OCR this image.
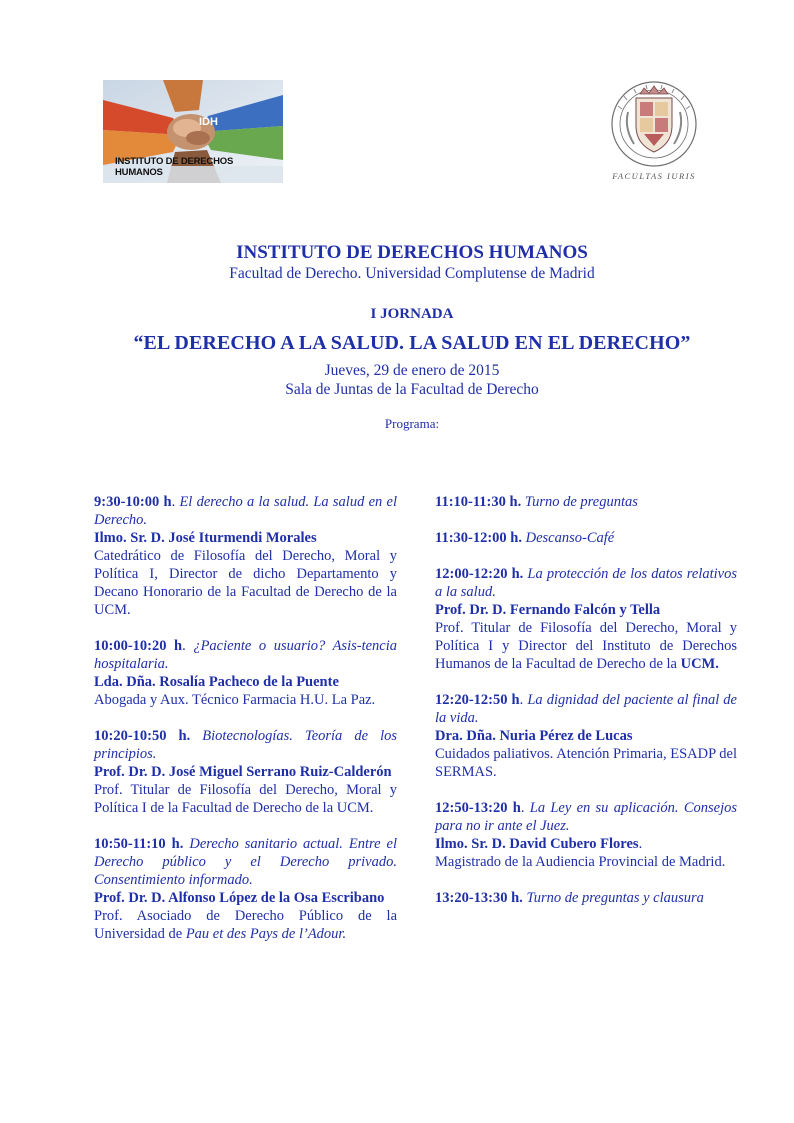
IDH
INSTITUTO DE DERECHOS HUMANOS	FACULTAS IURIS
INSTITUTO DE DERECHOS HUMANOS
Facultad de Derecho. Universidad Complutense de Madrid
I JORNADA
“EL DERECHO A LA SALUD. LA SALUD EN EL DERECHO”
Jueves, 29 de enero de 2015
Sala de Juntas de la Facultad de Derecho
Programa:

9:30-10:00 h. El derecho a la salud. La salud en el Derecho.

Ilmo. Sr. D. José Iturmendi Morales

Catedrático de Filosofía del Derecho, Moral y Política I, Director de dicho Departamento y Decano Honorario de la Facultad de Derecho de la UCM.

10:00-10:20 h. ¿Paciente o usuario? Asis-tencia hospitalaria.

Lda. Dña. Rosalía Pacheco de la Puente

Abogada y Aux. Técnico Farmacia H.U. La Paz.

10:20-10:50 h. Biotecnologías. Teoría de los principios.

Prof. Dr. D. José Miguel Serrano Ruiz-Calderón

Prof. Titular de Filosofía del Derecho, Moral y Política I de la Facultad de Derecho de la UCM.

10:50-11:10 h. Derecho sanitario actual. Entre el Derecho público y el Derecho privado. Consentimiento informado.

Prof. Dr. D. Alfonso López de la Osa Escribano

Prof. Asociado de Derecho Público de la Universidad de Pau et des Pays de l’Adour.

11:10-11:30 h. Turno de preguntas

11:30-12:00 h. Descanso-Café

12:00-12:20 h. La protección de los datos relativos a la salud.

Prof. Dr. D. Fernando Falcón y Tella

Prof. Titular de Filosofía del Derecho, Moral y Política I y Director del Instituto de Derechos Humanos de la Facultad de Derecho de la UCM.

12:20-12:50 h. La dignidad del paciente al final de la vida.

Dra. Dña. Nuria Pérez de Lucas

Cuidados paliativos. Atención Primaria, ESADP del SERMAS.

12:50-13:20 h. La Ley en su aplicación. Consejos para no ir ante el Juez.

Ilmo. Sr. D. David Cubero Flores.

Magistrado de la Audiencia Provincial de Madrid.

13:20-13:30 h. Turno de preguntas y clausura
